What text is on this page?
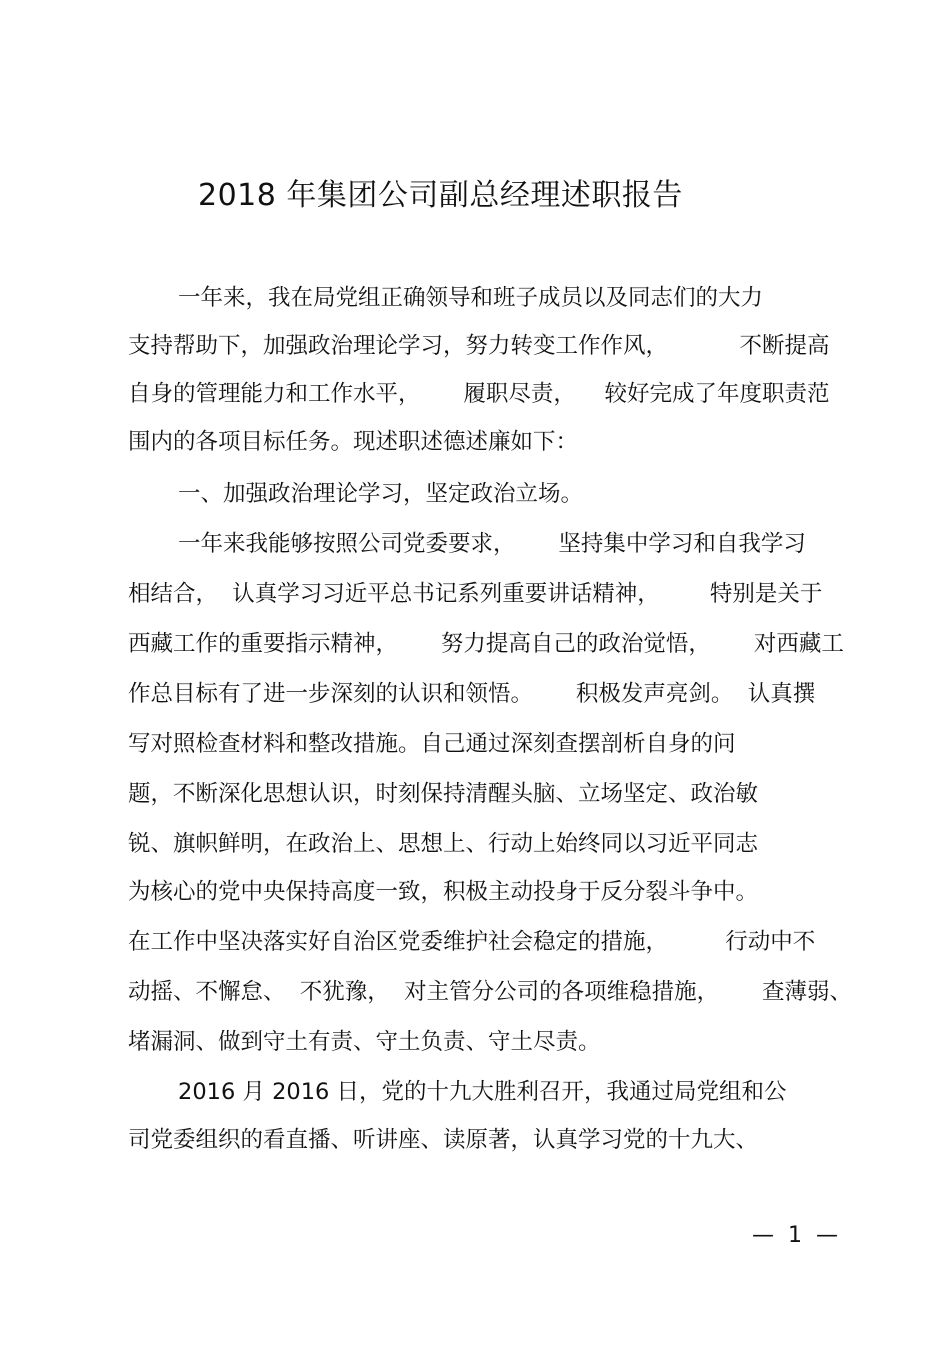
2018 年集团公司副总经理述职报告
一年来，我在局党组正确领导和班子成员以及同志们的大力
支持帮助下，加强政治理论学习，努力转变工作作风，          不断提高
自身的管理能力和工作水平，      履职尽责，    较好完成了年度职责范
围内的各项目标任务。现述职述德述廉如下：
一、加强政治理论学习，坚定政治立场。
一年来我能够按照公司党委要求，      坚持集中学习和自我学习
相结合，  认真学习习近平总书记系列重要讲话精神，       特别是关于
西藏工作的重要指示精神，      努力提高自己的政治觉悟，      对西藏工
作总目标有了进一步深刻的认识和领悟。      积极发声亮剑。  认真撰
写对照检查材料和整改措施。自己通过深刻查摆剖析自身的问
题，不断深化思想认识，时刻保持清醒头脑、立场坚定、政治敏
锐、旗帜鲜明，在政治上、思想上、行动上始终同以习近平同志
为核心的党中央保持高度一致，积极主动投身于反分裂斗争中。
在工作中坚决落实好自治区党委维护社会稳定的措施，        行动中不
动摇、不懈怠、  不犹豫，  对主管分公司的各项维稳措施，      查薄弱、
堵漏洞、做到守土有责、守土负责、守土尽责。
2016 月 2016 日，党的十九大胜利召开，我通过局党组和公
司党委组织的看直播、听讲座、读原著，认真学习党的十九大、
—  1  —
